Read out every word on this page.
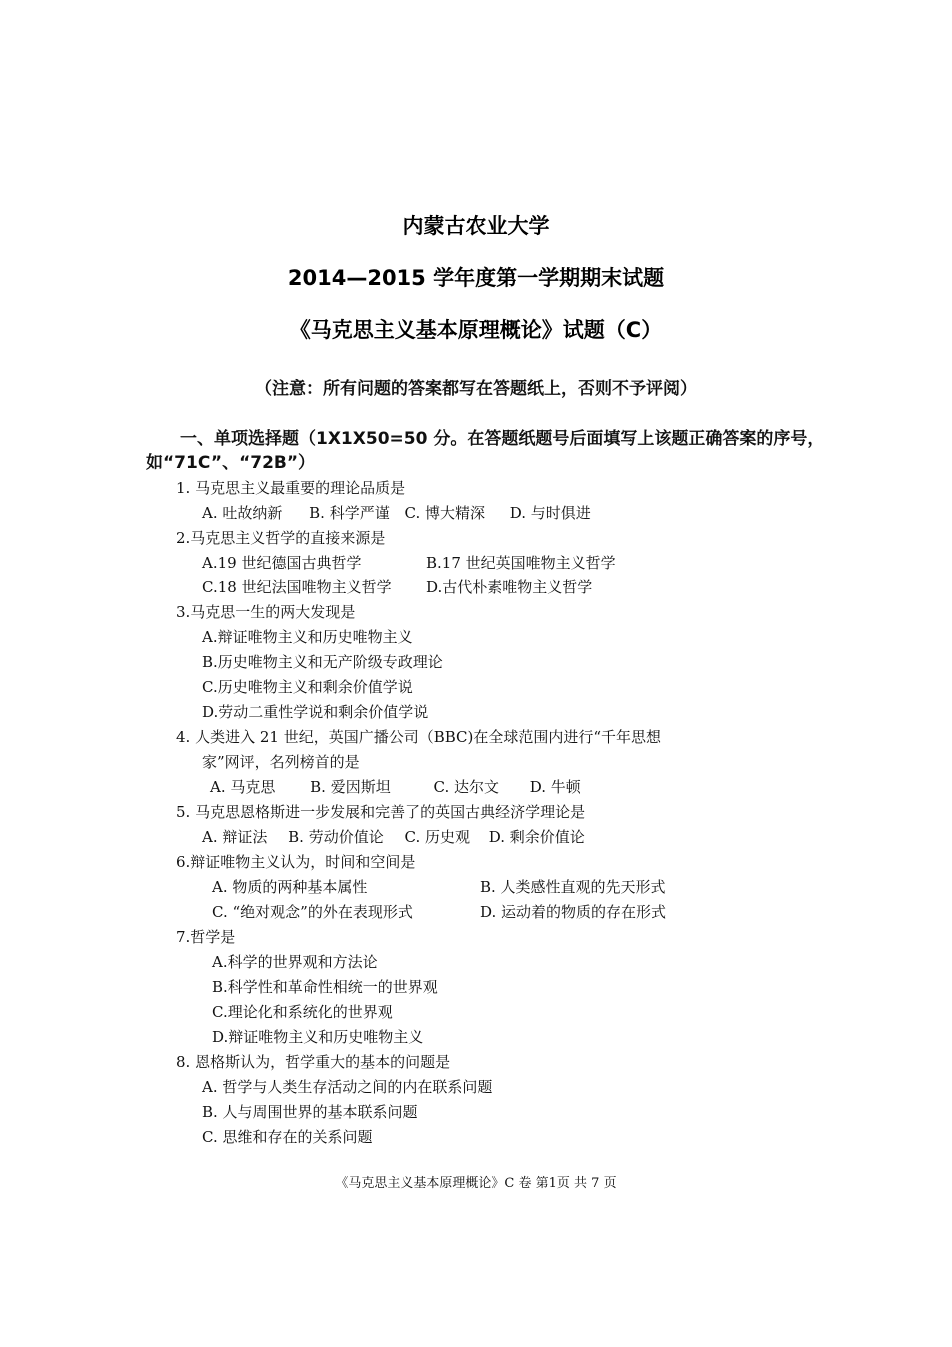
内蒙古农业大学
2014—2015 学年度第一学期期末试题
《马克思主义基本原理概论》试题（C）
（注意：所有问题的答案都写在答题纸上，否则不予评阅）
一、单项选择题（1X1X50=50 分。在答题纸题号后面填写上该题正确答案的序号，如“71C”、“72B”）
1. 马克思主义最重要的理论品质是
A. 吐故纳新 B. 科学严谨 C. 博大精深 D. 与时俱进
2.马克思主义哲学的直接来源是
A.19 世纪德国古典哲学	B.17 世纪英国唯物主义哲学
C.18 世纪法国唯物主义哲学 D.古代朴素唯物主义哲学
3.马克思一生的两大发现是
A.辩证唯物主义和历史唯物主义
B.历史唯物主义和无产阶级专政理论
C.历史唯物主义和剩余价值学说
D.劳动二重性学说和剩余价值学说
4. 人类进入 21 世纪，英国广播公司（BBC)在全球范围内进行“千年思想
家”网评，名列榜首的是
A. 马克思 B. 爱因斯坦	C. 达尔文 D. 牛顿
5. 马克思恩格斯进一步发展和完善了的英国古典经济学理论是
A. 辩证法 B. 劳动价值论 C. 历史观 D. 剩余价值论
6.辩证唯物主义认为，时间和空间是
A. 物质的两种基本属性	B. 人类感性直观的先天形式
C. “绝对观念”的外在表现形式	D. 运动着的物质的存在形式
7.哲学是
A.科学的世界观和方法论
B.科学性和革命性相统一的世界观
C.理论化和系统化的世界观
D.辩证唯物主义和历史唯物主义
8. 恩格斯认为，哲学重大的基本的问题是
A. 哲学与人类生存活动之间的内在联系问题
B. 人与周围世界的基本联系问题
C. 思维和存在的关系问题
《马克思主义基本原理概论》C 卷 第1页 共 7 页
